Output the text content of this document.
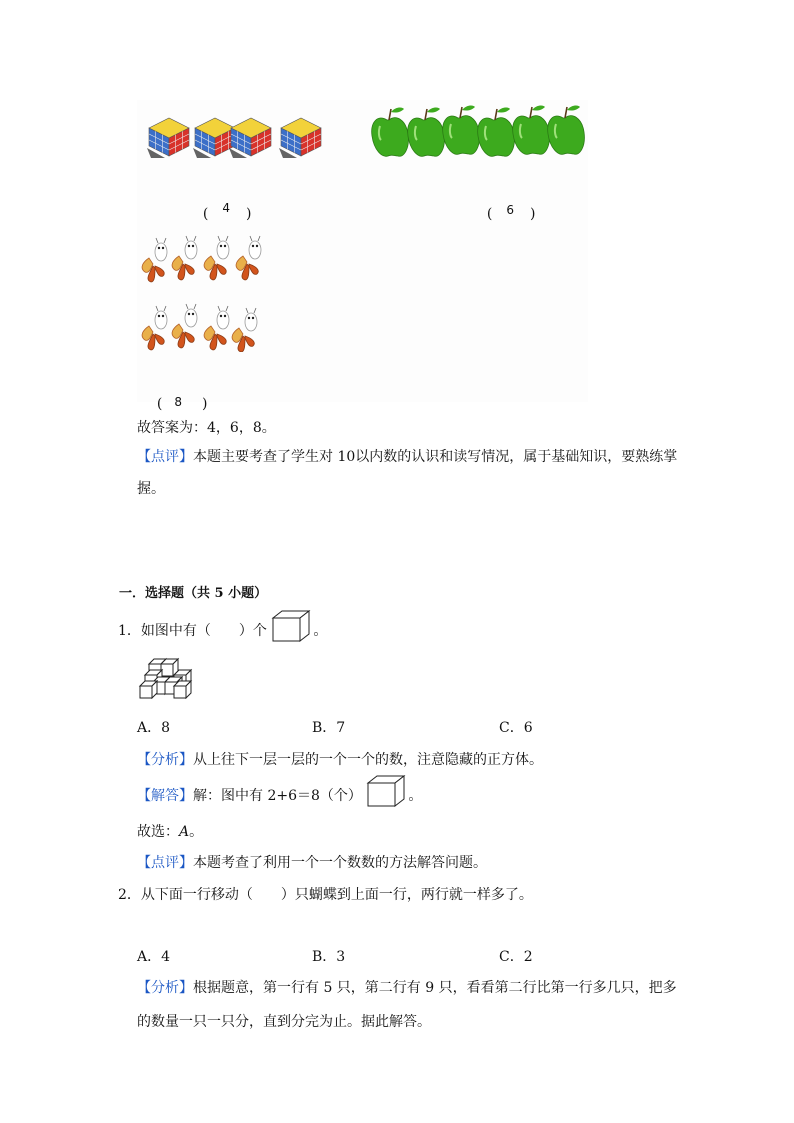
( 4 )	( 6 )

( 8 )

故答案为：4，6，8。
【点评】本题主要考查了学生对 10以内数的认识和读写情况，属于基础知识，要熟练掌
握。
一．选择题（共 5 小题）
1．如图中有（　　）个	。
A．8	B．7	C．6
【分析】从上往下一层一层的一个一个的数，注意隐藏的正方体。
【解答】解：图中有 2+6＝8（个）	。
故选：A。
【点评】本题考查了利用一个一个数数的方法解答问题。
2．从下面一行移动（　　）只蝴蝶到上面一行，两行就一样多了。
A．4	B．3	C．2
【分析】根据题意，第一行有 5 只，第二行有 9 只，看看第二行比第一行多几只，把多
的数量一只一只分，直到分完为止。据此解答。
